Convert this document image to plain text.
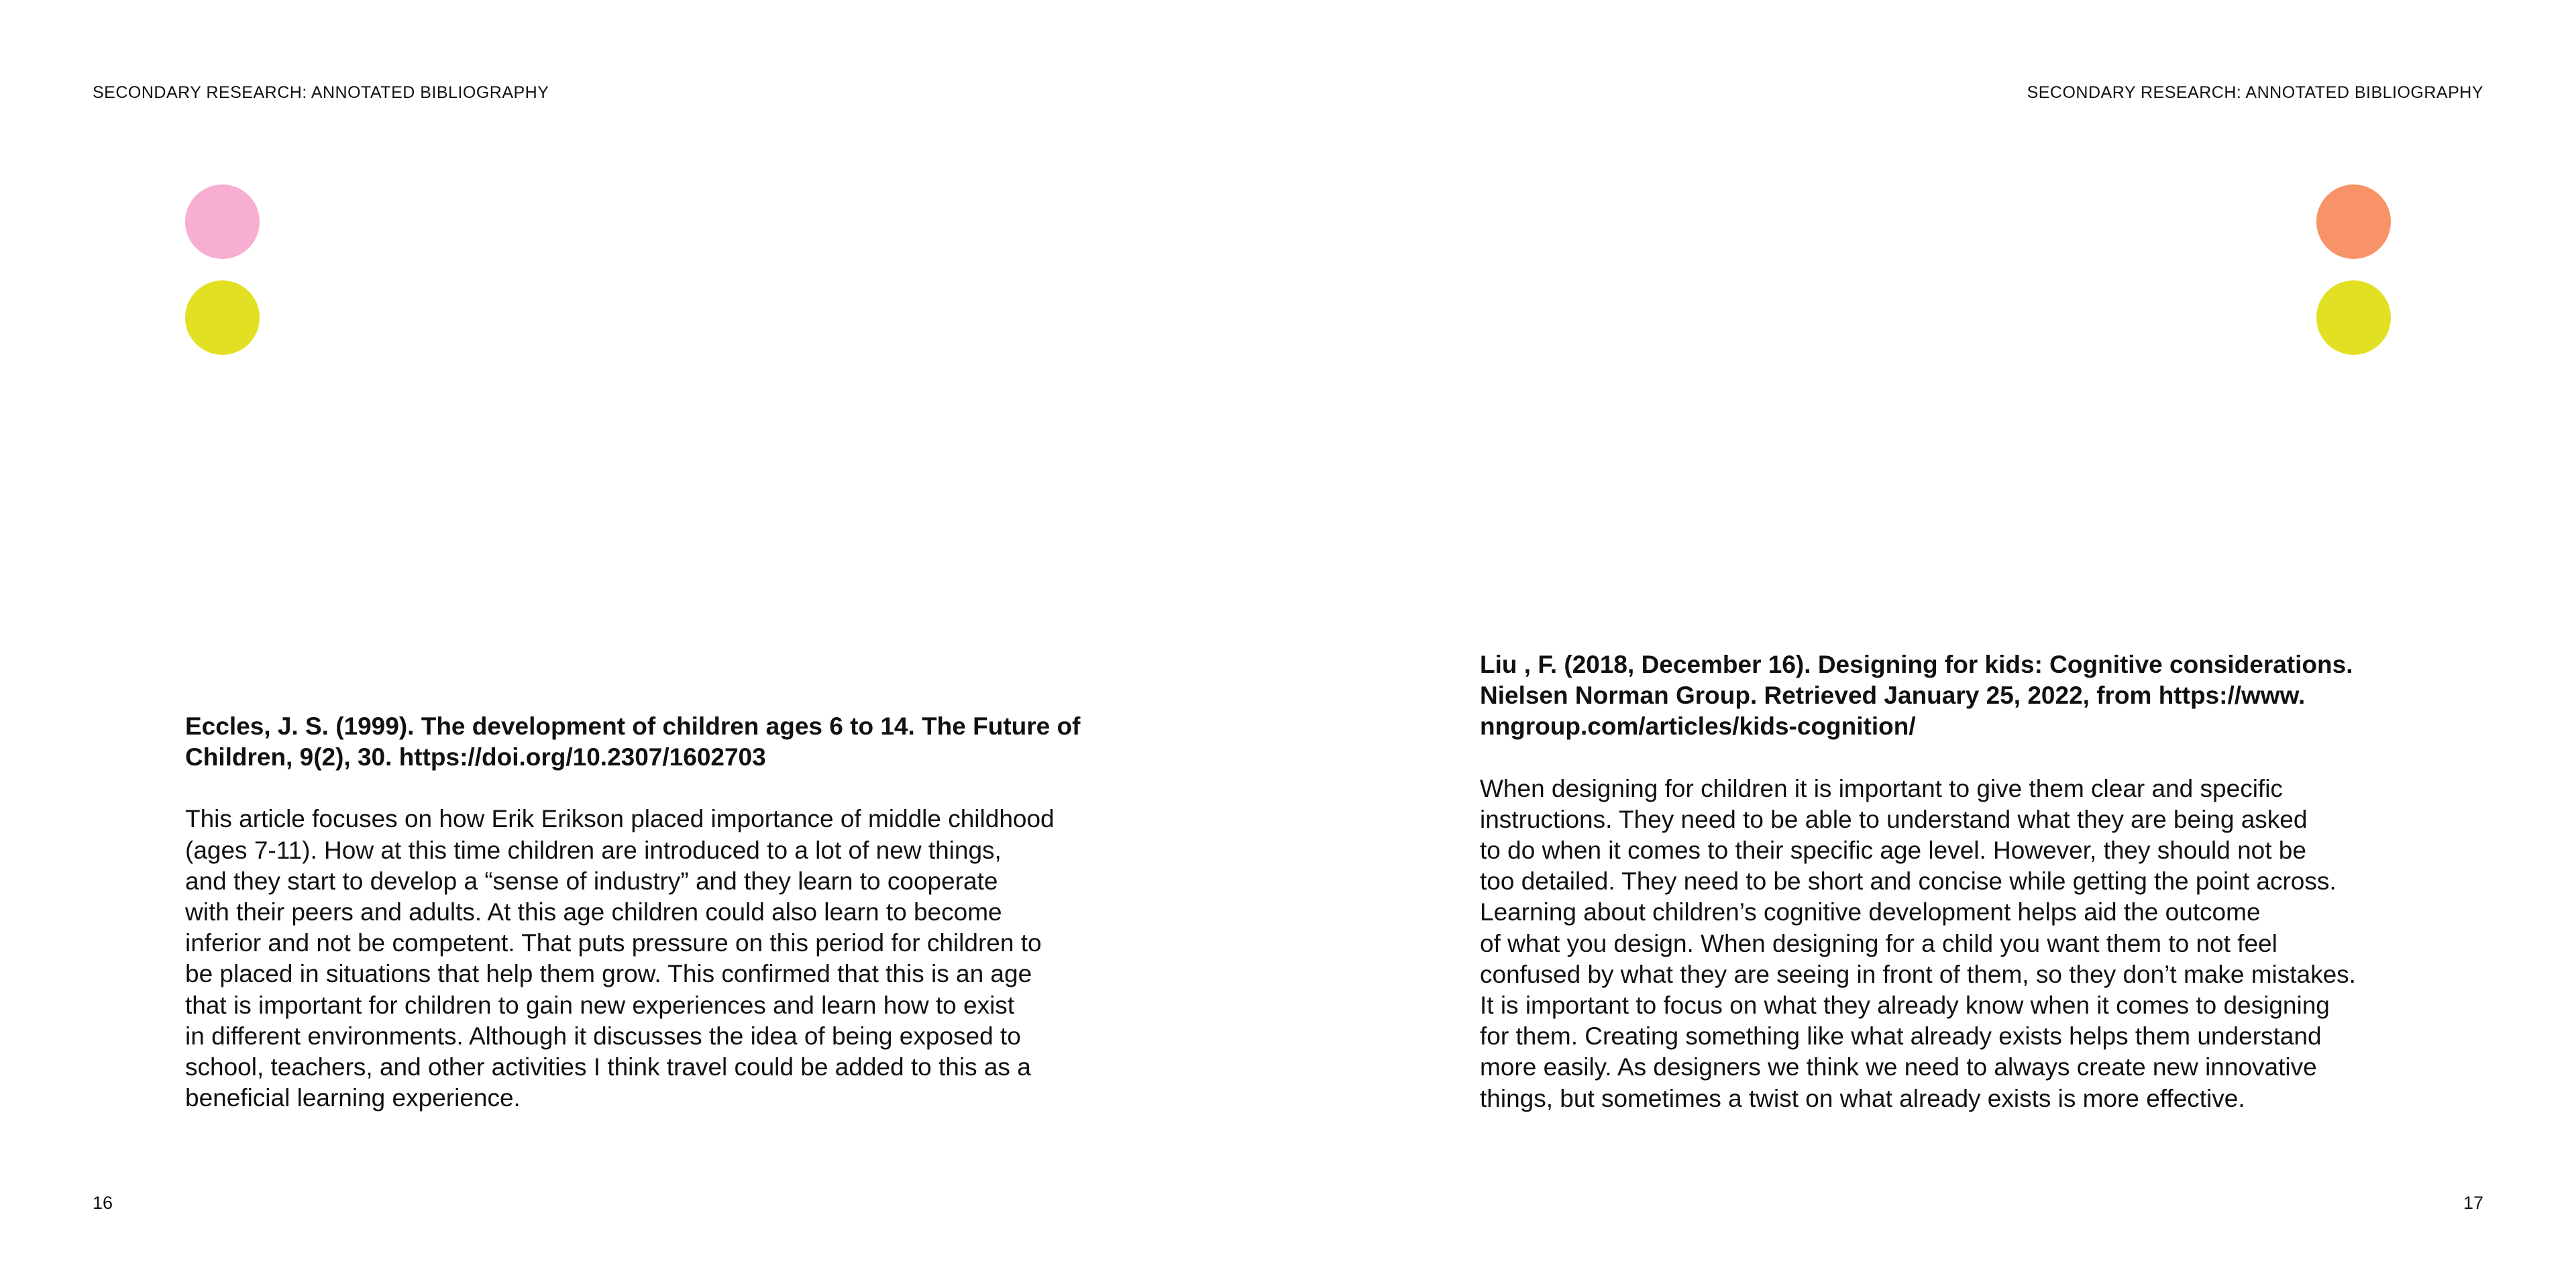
SECONDARY RESEARCH: ANNOTATED BIBLIOGRAPHY

Eccles, J. S. (1999). The development of children ages 6 to 14. The Future of
Children, 9(2), 30. https://doi.org/10.2307/1602703

This article focuses on how Erik Erikson placed importance of middle childhood
(ages 7-11). How at this time children are introduced to a lot of new things,
and they start to develop a “sense of industry” and they learn to cooperate
with their peers and adults. At this age children could also learn to become
inferior and not be competent. That puts pressure on this period for children to
be placed in situations that help them grow. This confirmed that this is an age
that is important for children to gain new experiences and learn how to exist
in different environments. Although it discusses the idea of being exposed to
school, teachers, and other activities I think travel could be added to this as a
beneficial learning experience.

16
SECONDARY RESEARCH: ANNOTATED BIBLIOGRAPHY

Liu , F. (2018, December 16). Designing for kids: Cognitive considerations.
Nielsen Norman Group. Retrieved January 25, 2022, from https://www.
nngroup.com/articles/kids-cognition/

When designing for children it is important to give them clear and specific
instructions. They need to be able to understand what they are being asked
to do when it comes to their specific age level. However, they should not be
too detailed. They need to be short and concise while getting the point across.
Learning about children’s cognitive development helps aid the outcome
of what you design. When designing for a child you want them to not feel
confused by what they are seeing in front of them, so they don’t make mistakes.
It is important to focus on what they already know when it comes to designing
for them. Creating something like what already exists helps them understand
more easily. As designers we think we need to always create new innovative
things, but sometimes a twist on what already exists is more effective.

17
